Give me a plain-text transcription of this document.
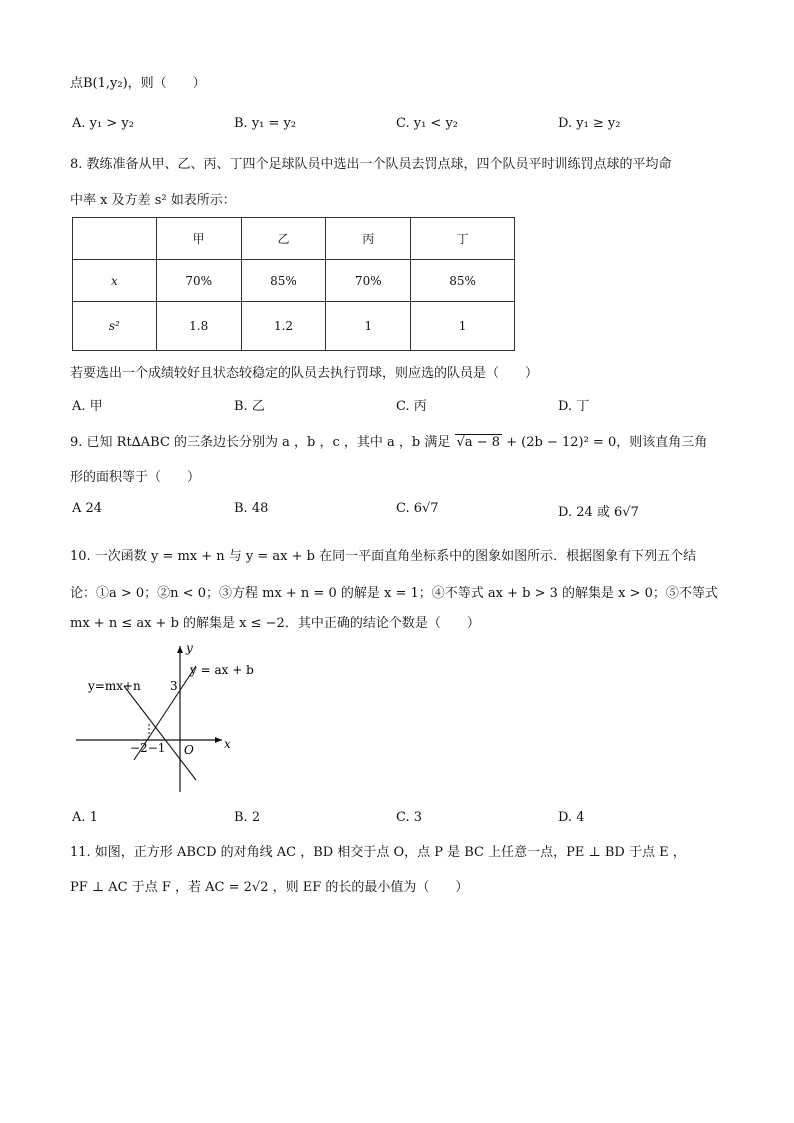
点B(1,y₂)，则（　　）
A. y₁ > y₂	B. y₁ = y₂	C. y₁ < y₂	D. y₁ ≥ y₂
8. 教练准备从甲、乙、丙、丁四个足球队员中选出一个队员去罚点球，四个队员平时训练罚点球的平均命
中率 x 及方差 s² 如表所示：
	甲	乙	丙	丁
x	70%	85%	70%	85%
s²	1.8	1.2	1	1
若要选出一个成绩较好且状态较稳定的队员去执行罚球，则应选的队员是（　　）
A. 甲	B. 乙	C. 丙	D. 丁
9. 已知 Rt∆ABC 的三条边长分别为 a ，b ，c ，其中 a ，b 满足 √a − 8 + (2b − 12)² = 0，则该直角三角
形的面积等于（　　）
A 24	B. 48	C. 6√7	D. 24 或 6√7
10. 一次函数 y = mx + n 与 y = ax + b 在同一平面直角坐标系中的图象如图所示．根据图象有下列五个结
论：①a > 0；②n < 0；③方程 mx + n = 0 的解是 x = 1；④不等式 ax + b > 3 的解集是 x > 0；⑤不等式
mx + n ≤ ax + b 的解集是 x ≤ −2．其中正确的结论个数是（　　）
y = ax + b
y=mx+n
y
x
O
3
−2−1
A. 1	B. 2	C. 3	D. 4
11. 如图，正方形 ABCD 的对角线 AC ，BD 相交于点 O，点 P 是 BC 上任意一点，PE ⊥ BD 于点 E ，
PF ⊥ AC 于点 F ，若 AC = 2√2 ，则 EF 的长的最小值为（　　）
